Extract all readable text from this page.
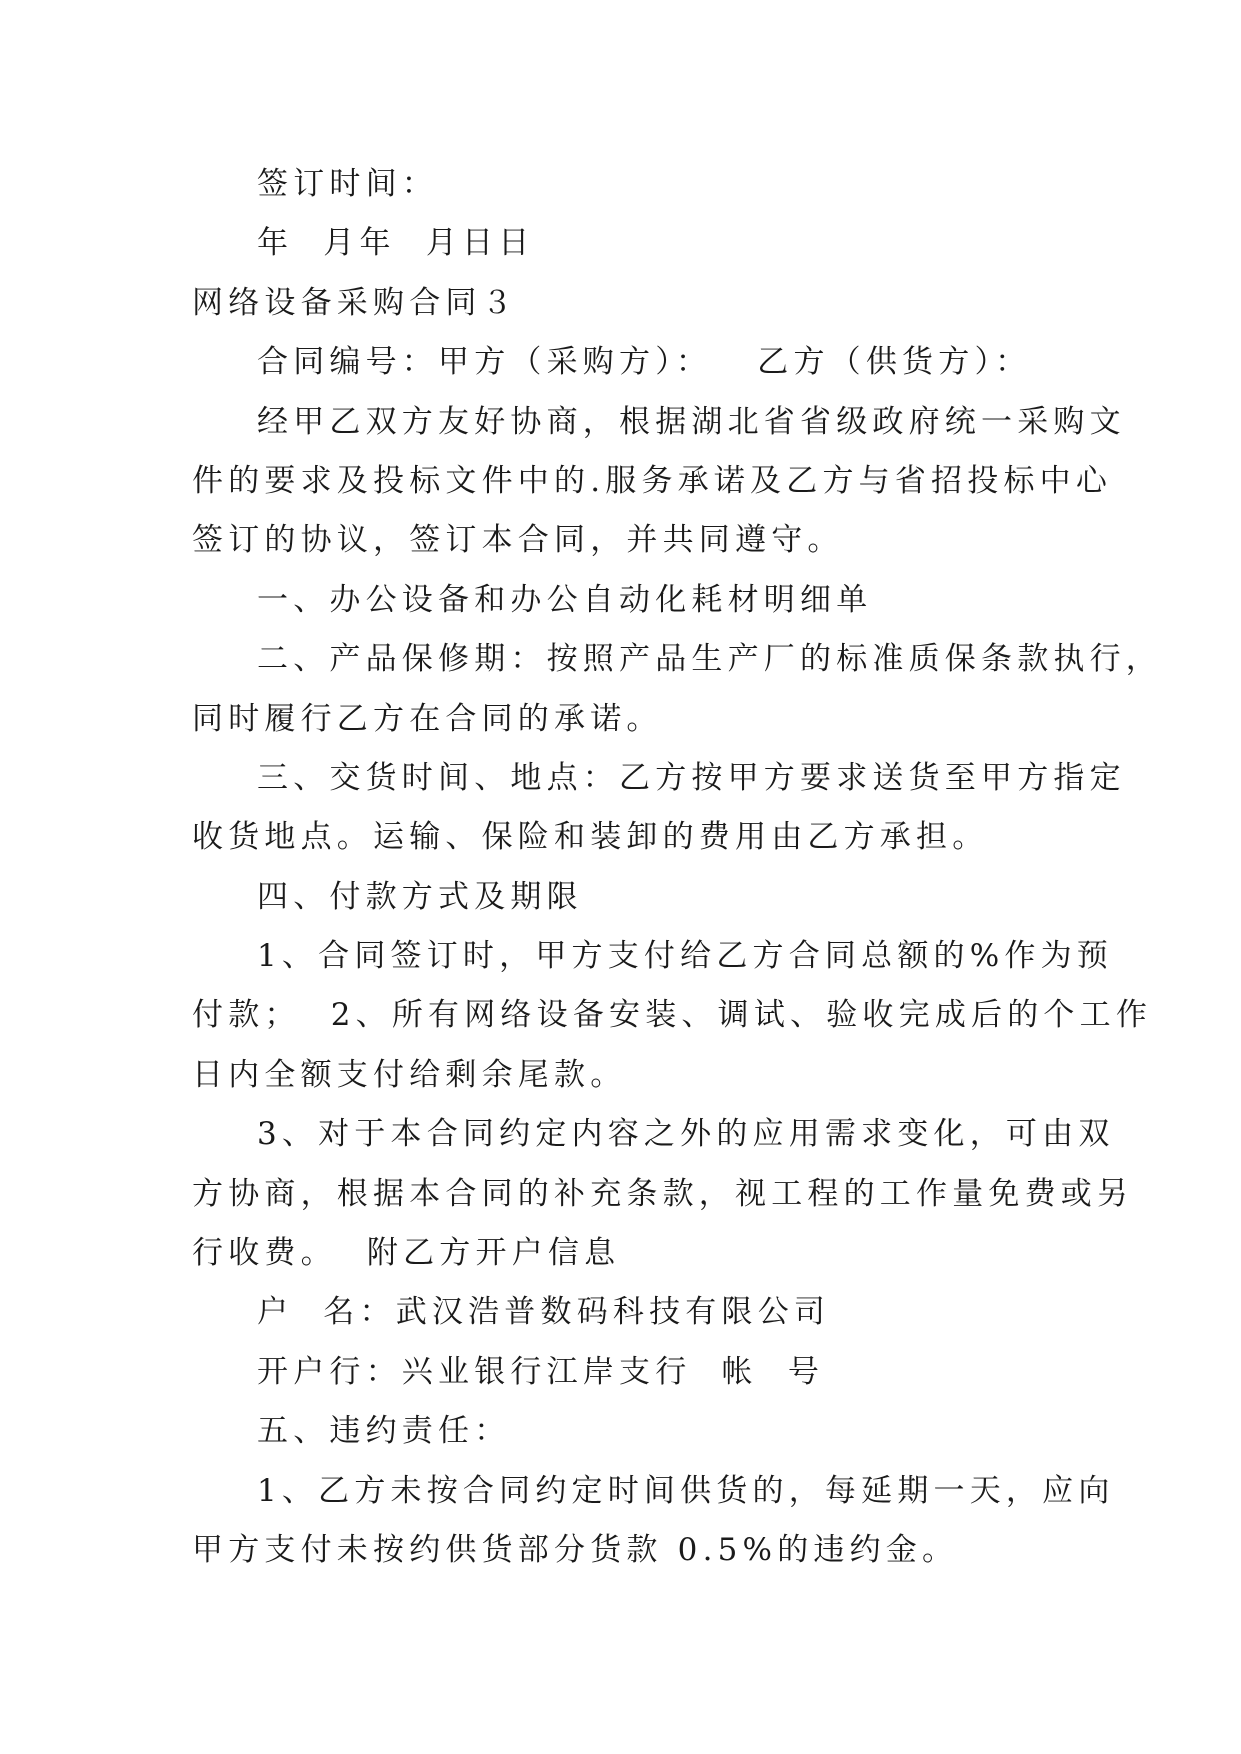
签订时间：
年  月年  月日日
网络设备采购合同３
合同编号：甲方（采购方）：   乙方（供货方）：
经甲乙双方友好协商，根据湖北省省级政府统一采购文
件的要求及投标文件中的.服务承诺及乙方与省招投标中心
签订的协议，签订本合同，并共同遵守。
一、办公设备和办公自动化耗材明细单
二、产品保修期：按照产品生产厂的标准质保条款执行，
同时履行乙方在合同的承诺。
三、交货时间、地点：乙方按甲方要求送货至甲方指定
收货地点。运输、保险和装卸的费用由乙方承担。
四、付款方式及期限
1、合同签订时，甲方支付给乙方合同总额的%作为预
付款；  2、所有网络设备安装、调试、验收完成后的个工作
日内全额支付给剩余尾款。
3、对于本合同约定内容之外的应用需求变化，可由双
方协商，根据本合同的补充条款，视工程的工作量免费或另
行收费。  附乙方开户信息
户  名：武汉浩普数码科技有限公司
开户行：兴业银行江岸支行  帐  号
五、违约责任：
1、乙方未按合同约定时间供货的，每延期一天，应向
甲方支付未按约供货部分货款 0.5%的违约金。
